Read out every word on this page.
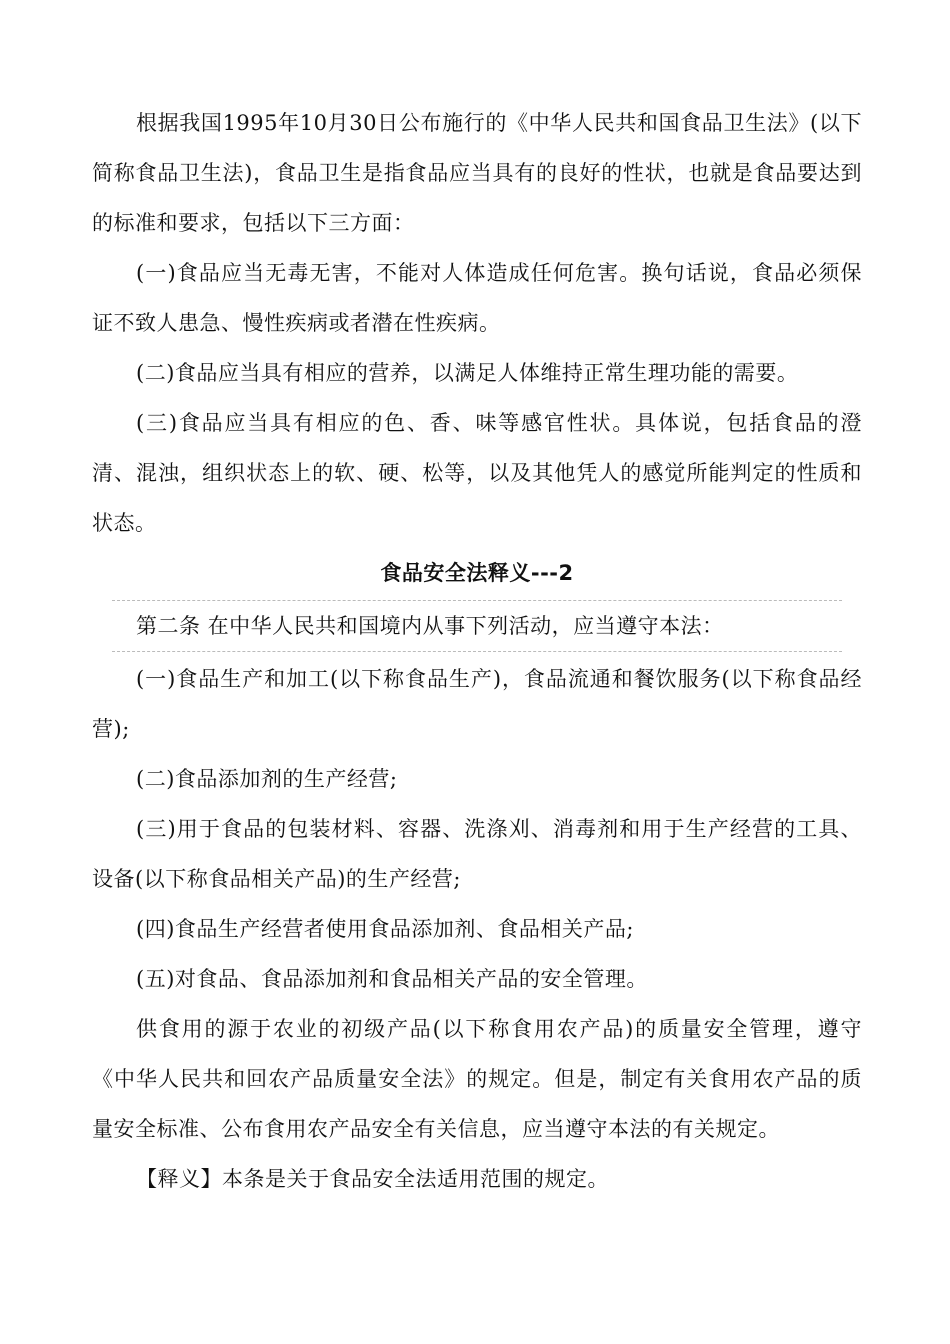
根据我国1995年10月30日公布施行的《中华人民共和国食品卫生法》(以下简称食品卫生法)，食品卫生是指食品应当具有的良好的性状，也就是食品要达到的标准和要求，包括以下三方面：

(一)食品应当无毒无害，不能对人体造成任何危害。换句话说，食品必须保证不致人患急、慢性疾病或者潜在性疾病。

(二)食品应当具有相应的营养，以满足人体维持正常生理功能的需要。

(三)食品应当具有相应的色、香、味等感官性状。具体说，包括食品的澄清、混浊，组织状态上的软、硬、松等，以及其他凭人的感觉所能判定的性质和状态。

食品安全法释义---2

第二条 在中华人民共和国境内从事下列活动，应当遵守本法：

(一)食品生产和加工(以下称食品生产)，食品流通和餐饮服务(以下称食品经营);

(二)食品添加剂的生产经营;

(三)用于食品的包装材料、容器、洗涤刈、消毒剂和用于生产经营的工具、设备(以下称食品相关产品)的生产经营;

(四)食品生产经营者使用食品添加剂、食品相关产品;

(五)对食品、食品添加剂和食品相关产品的安全管理。

供食用的源于农业的初级产品(以下称食用农产品)的质量安全管理，遵守《中华人民共和回农产品质量安全法》的规定。但是，制定有关食用农产品的质量安全标准、公布食用农产品安全有关信息，应当遵守本法的有关规定。

【释义】本条是关于食品安全法适用范围的规定。
